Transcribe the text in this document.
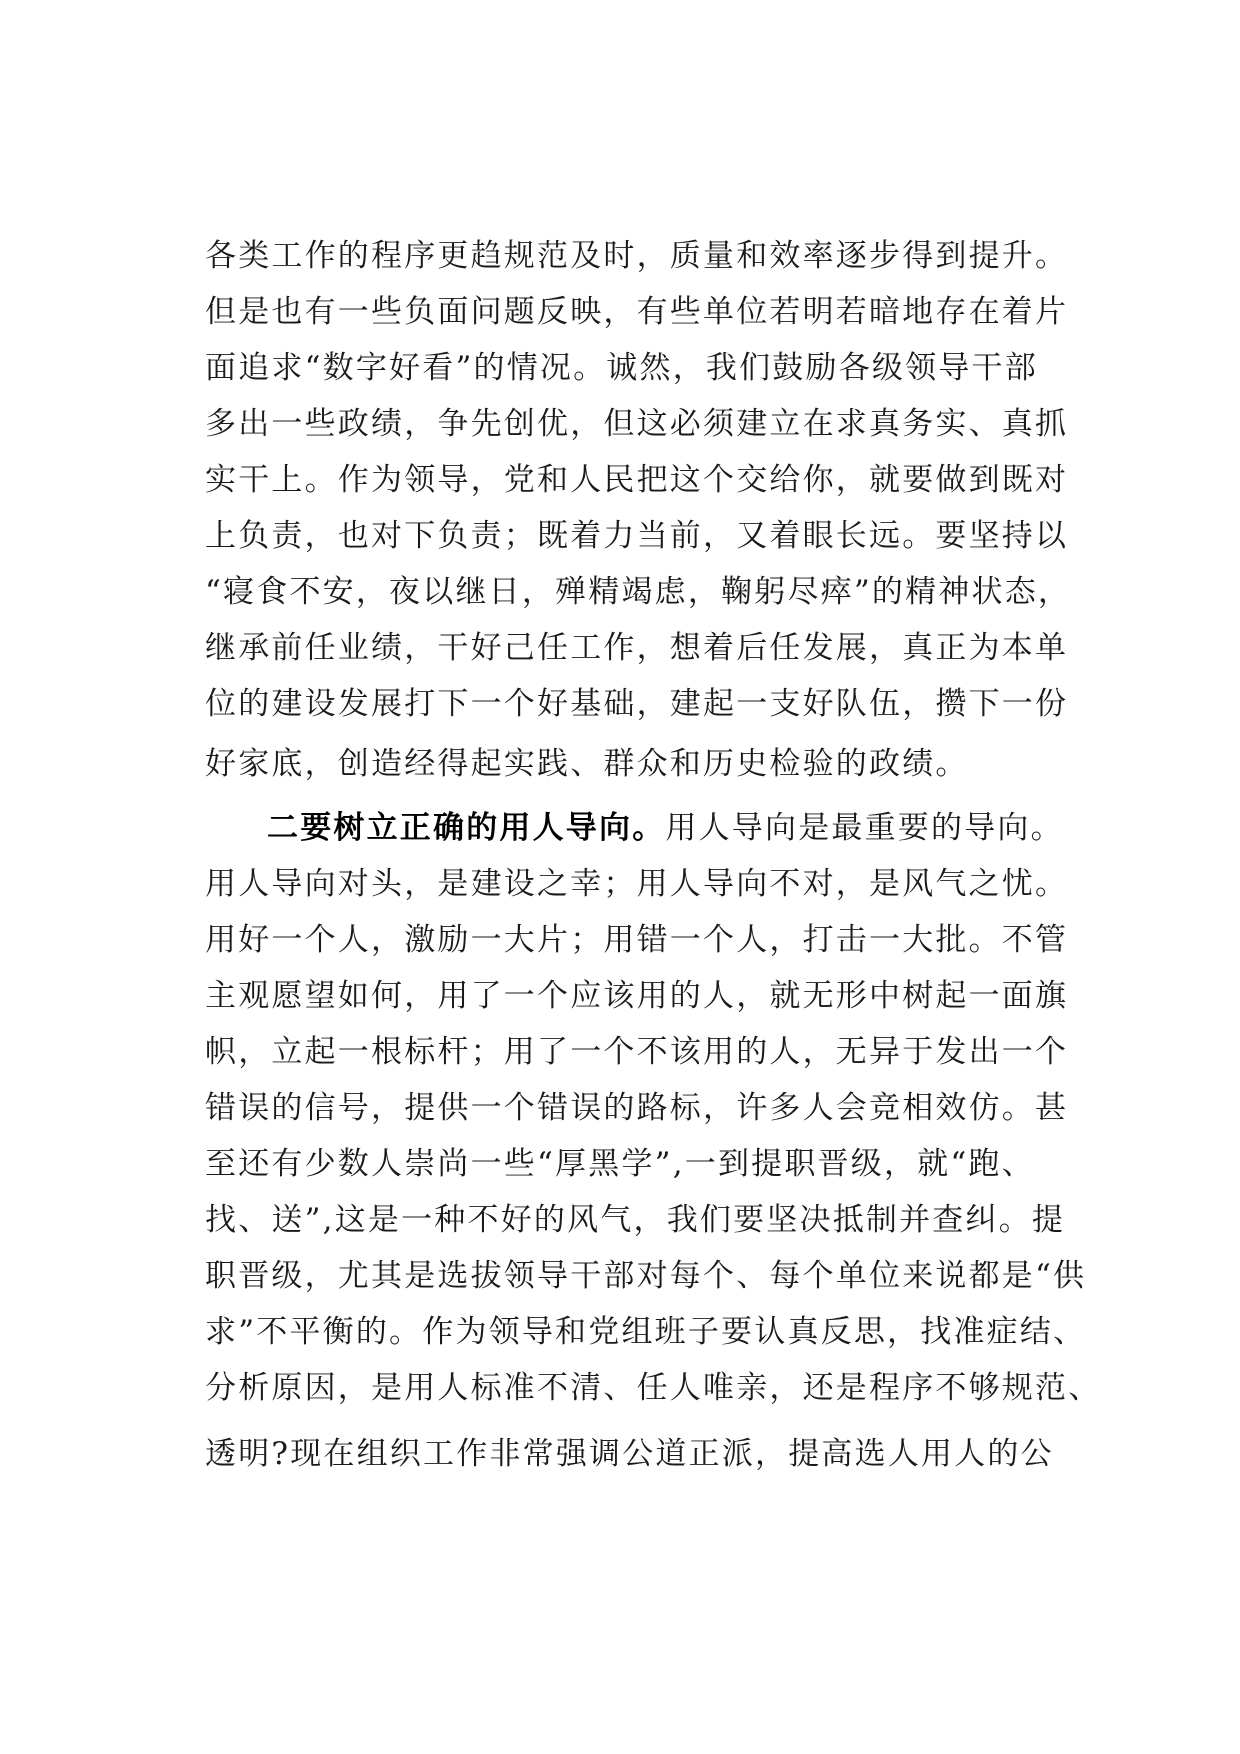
各类工作的程序更趋规范及时，质量和效率逐步得到提升。
但是也有一些负面问题反映，有些单位若明若暗地存在着片
面追求“数字好看”的情况。诚然，我们鼓励各级领导干部
多出一些政绩，争先创优，但这必须建立在求真务实、真抓
实干上。作为领导，党和人民把这个交给你，就要做到既对
上负责，也对下负责；既着力当前，又着眼长远。要坚持以
“寝食不安，夜以继日，殚精竭虑，鞠躬尽瘁”的精神状态，
继承前任业绩，干好己任工作，想着后任发展，真正为本单
位的建设发展打下一个好基础，建起一支好队伍，攒下一份
好家底，创造经得起实践、群众和历史检验的政绩。
二要树立正确的用人导向。用人导向是最重要的导向。
用人导向对头，是建设之幸；用人导向不对，是风气之忧。
用好一个人，激励一大片；用错一个人，打击一大批。不管
主观愿望如何，用了一个应该用的人，就无形中树起一面旗
帜，立起一根标杆；用了一个不该用的人，无异于发出一个
错误的信号，提供一个错误的路标，许多人会竞相效仿。甚
至还有少数人崇尚一些“厚黑学”,一到提职晋级，就“跑、
找、送”,这是一种不好的风气，我们要坚决抵制并查纠。提
职晋级，尤其是选拔领导干部对每个、每个单位来说都是“供
求”不平衡的。作为领导和党组班子要认真反思，找准症结、
分析原因，是用人标准不清、任人唯亲，还是程序不够规范、
透明?现在组织工作非常强调公道正派，提高选人用人的公
